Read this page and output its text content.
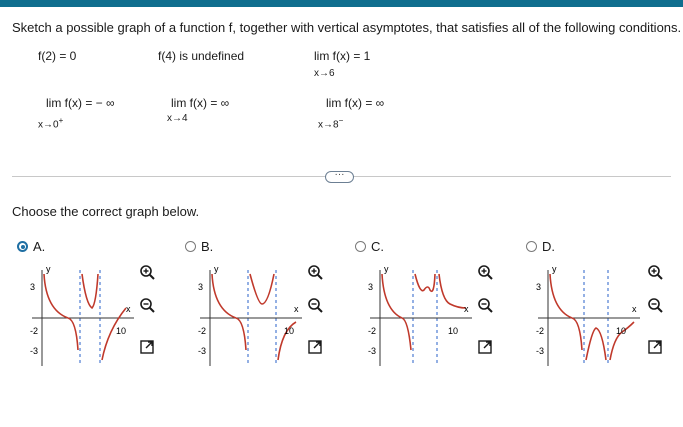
Sketch a possible graph of a function f, together with vertical asymptotes, that satisfies all of the following conditions.
f(2) = 0	f(4) is undefined	lim f(x) = 1
x→6
lim f(x) = − ∞
x→0+
lim f(x) = ∞
x→4
lim f(x) = ∞
x→8−
···
Choose the correct graph below.
A.
y
x
3
-3
-2	10
B.
y
x
3
-3
-2	10
C.
y
x
3
-3
-2	10
D.
y
x
3
-3
-2	10
